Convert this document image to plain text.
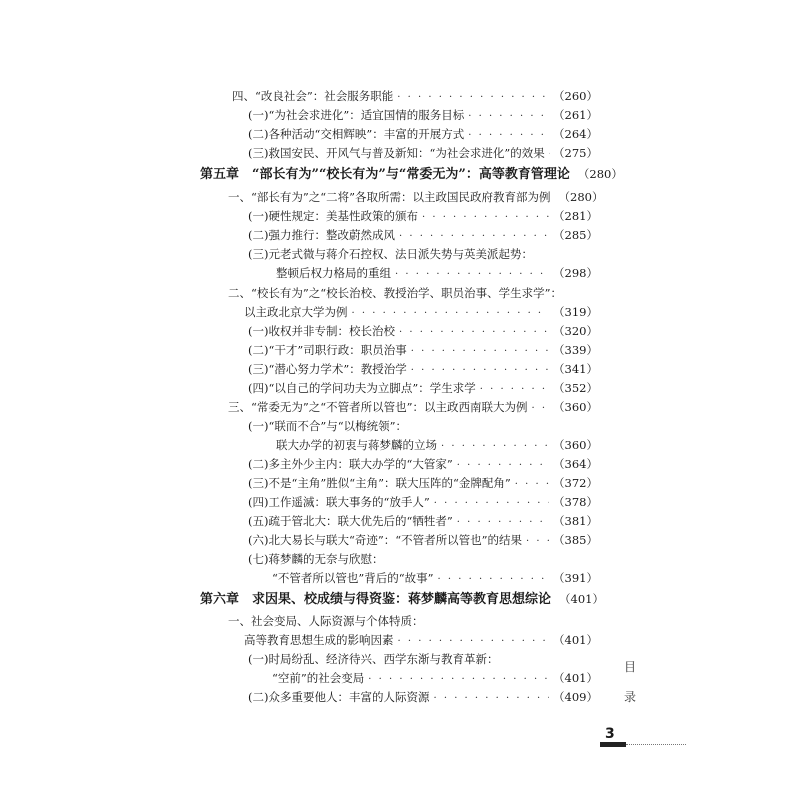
四、“改良社会”：社会服务职能 · · ·	（260）
(一)“为社会求进化”：适宜国情的服务目标 · · ·	（261）
(二)各种活动“交相辉映”：丰富的开展方式 · · ·	（264）
(三)救国安民、开风气与普及新知：“为社会求进化”的效果 · · · （275）
第五章　“部长有为”“校长有为”与“常委无为”：高等教育管理论 （280）
一、“部长有为”之“二将”各取所需：以主政国民政府教育部为例 （280）
(一)硬性规定：美基性政策的颁布 · · ·	（281）
(二)强力推行：整改蔚然成风 · · ·	（285）
(三)元老式微与蒋介石控权、法日派失势与英美派起势：
整顿后权力格局的重组 · · ·	（298）
二、“校长有为”之“校长治校、教授治学、职员治事、学生求学”：
以主政北京大学为例 · · ·	（319）
(一)收权并非专制：校长治校 · · ·	（320）
(二)“干才”司职行政：职员治事 · · ·	（339）
(三)“潜心努力学术”：教授治学 · · ·	（341）
(四)“以自己的学问功夫为立脚点”：学生求学 · · ·	（352）
三、“常委无为”之“不管者所以管也”：以主政西南联大为例 · · · （360）
(一)“联而不合”与“以梅统领”：
联大办学的初衷与蒋梦麟的立场 · · ·	（360）
(二)多主外少主内：联大办学的“大管家” · · ·	（364）
(三)不是“主角”胜似“主角”：联大压阵的“金牌配角” · · ·	（372）
(四)工作遥滅：联大事务的“放手人” · · ·	（378）
(五)疏于管北大：联大优先后的“牺牲者” · · ·	（381）
(六)北大易长与联大“奇迹”：“不管者所以管也”的结果 · · ·	（385）
(七)蒋梦麟的无奈与欣慰：
“不管者所以管也”背后的“故事” · · ·	（391）
第六章　求因果、校成绩与得资鉴：蒋梦麟高等教育思想综论 （401）
一、社会变局、人际资源与个体特质：
高等教育思想生成的影响因素 · · ·	（401）
(一)时局纷乱、经济待兴、西学东渐与教育革新：
“空前”的社会变局 · · ·	（401）
(二)众多重要他人：丰富的人际资源 · · ·	（409）
目
录
3
